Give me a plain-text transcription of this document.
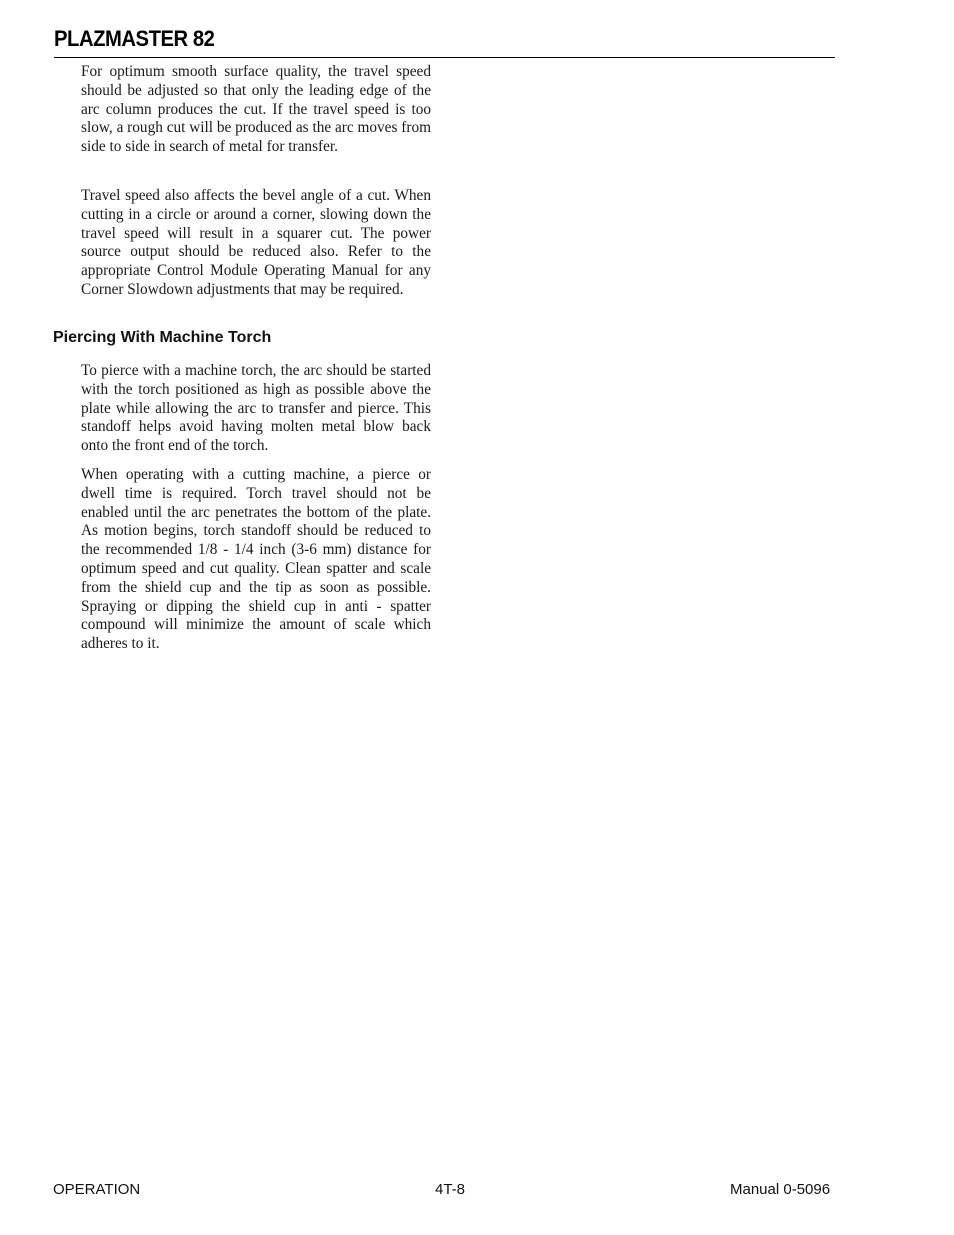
PLAZMASTER 82

For optimum smooth surface quality, the travel speed should be adjusted so that only the leading edge of the arc column produces the cut. If the travel speed is too slow, a rough cut will be produced as the arc moves from side to side in search of metal for transfer.

Travel speed also affects the bevel angle of a cut. When cutting in a circle or around a corner, slowing down the travel speed will result in a squarer cut. The power source output should be reduced also. Refer to the appropriate Control Module Operating Manual for any Corner Slowdown adjustments that may be required.

Piercing With Machine Torch

To pierce with a machine torch, the arc should be started with the torch positioned as high as possible above the plate while allowing the arc to transfer and pierce. This standoff helps avoid having molten metal blow back onto the front end of the torch.

When operating with a cutting machine, a pierce or dwell time is required. Torch travel should not be enabled until the arc penetrates the bottom of the plate. As motion begins, torch standoff should be reduced to the recommended 1/8 - 1/4 inch (3-6 mm) distance for optimum speed and cut quality. Clean spatter and scale from the shield cup and the tip as soon as possible. Spraying or dipping the shield cup in anti - spatter compound will minimize the amount of scale which adheres to it.

OPERATION	4T-8	Manual 0-5096
